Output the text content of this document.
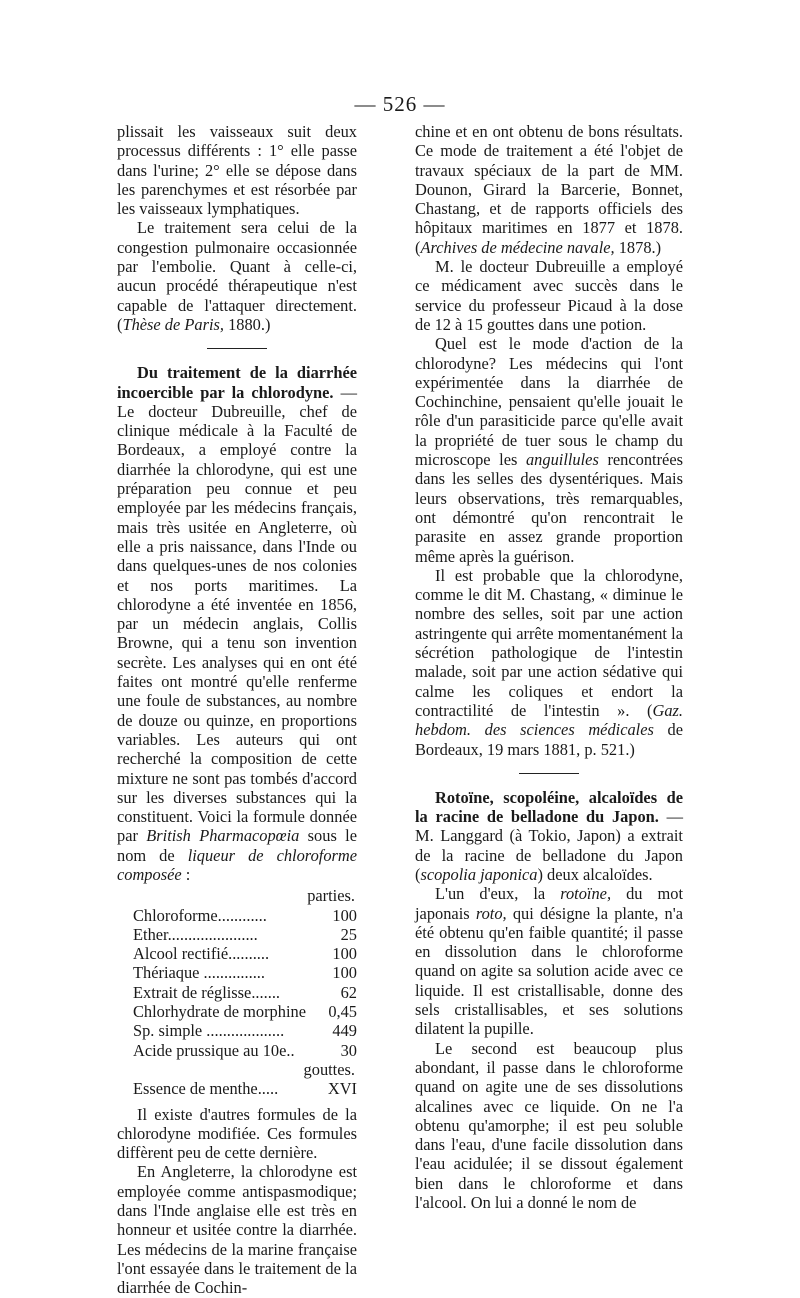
— 526 —

plissait les vaisseaux suit deux processus différents : 1° elle passe dans l'urine; 2° elle se dépose dans les parenchymes et est résorbée par les vaisseaux lymphatiques.

Le traitement sera celui de la congestion pulmonaire occasionnée par l'embolie. Quant à celle-ci, aucun procédé thérapeutique n'est capable de l'attaquer directement. (Thèse de Paris, 1880.)

Du traitement de la diarrhée incoercible par la chlorodyne. — Le docteur Dubreuille, chef de clinique médicale à la Faculté de Bordeaux, a employé contre la diarrhée la chlorodyne, qui est une préparation peu connue et peu employée par les médecins français, mais très usitée en Angleterre, où elle a pris naissance, dans l'Inde ou dans quelques-unes de nos colonies et nos ports maritimes. La chlorodyne a été inventée en 1856, par un médecin anglais, Collis Browne, qui a tenu son invention secrète. Les analyses qui en ont été faites ont montré qu'elle renferme une foule de substances, au nombre de douze ou quinze, en proportions variables. Les auteurs qui ont recherché la composition de cette mixture ne sont pas tombés d'accord sur les diverses substances qui la constituent. Voici la formule donnée par British Pharmacopœia sous le nom de liqueur de chloroforme composée :

parties.
Chloroforme............	100
Ether......................	25
Alcool rectifié..........	100
Thériaque ...............	100
Extrait de réglisse.......	62
Chlorhydrate de morphine	0,45
Sp. simple ...................	449
Acide prussique au 10e..	30
gouttes.
Essence de menthe.....	XVI

Il existe d'autres formules de la chlorodyne modifiée. Ces formules diffèrent peu de cette dernière.

En Angleterre, la chlorodyne est employée comme antispasmodique; dans l'Inde anglaise elle est très en honneur et usitée contre la diarrhée. Les médecins de la marine française l'ont essayée dans le traitement de la diarrhée de Cochin-

chine et en ont obtenu de bons résultats. Ce mode de traitement a été l'objet de travaux spéciaux de la part de MM. Dounon, Girard la Barcerie, Bonnet, Chastang, et de rapports officiels des hôpitaux maritimes en 1877 et 1878. (Archives de médecine navale, 1878.)

M. le docteur Dubreuille a employé ce médicament avec succès dans le service du professeur Picaud à la dose de 12 à 15 gouttes dans une potion.

Quel est le mode d'action de la chlorodyne? Les médecins qui l'ont expérimentée dans la diarrhée de Cochinchine, pensaient qu'elle jouait le rôle d'un parasiticide parce qu'elle avait la propriété de tuer sous le champ du microscope les anguillules rencontrées dans les selles des dysentériques. Mais leurs observations, très remarquables, ont démontré qu'on rencontrait le parasite en assez grande proportion même après la guérison.

Il est probable que la chlorodyne, comme le dit M. Chastang, « diminue le nombre des selles, soit par une action astringente qui arrête momentanément la sécrétion pathologique de l'intestin malade, soit par une action sédative qui calme les coliques et endort la contractilité de l'intestin ». (Gaz. hebdom. des sciences médicales de Bordeaux, 19 mars 1881, p. 521.)

Rotoïne, scopoléine, alcaloïdes de la racine de belladone du Japon. — M. Langgard (à Tokio, Japon) a extrait de la racine de belladone du Japon (scopolia japonica) deux alcaloïdes.

L'un d'eux, la rotoïne, du mot japonais roto, qui désigne la plante, n'a été obtenu qu'en faible quantité; il passe en dissolution dans le chloroforme quand on agite sa solution acide avec ce liquide. Il est cristallisable, donne des sels cristallisables, et ses solutions dilatent la pupille.

Le second est beaucoup plus abondant, il passe dans le chloroforme quand on agite une de ses dissolutions alcalines avec ce liquide. On ne l'a obtenu qu'amorphe; il est peu soluble dans l'eau, d'une facile dissolution dans l'eau acidulée; il se dissout également bien dans le chloroforme et dans l'alcool. On lui a donné le nom de
